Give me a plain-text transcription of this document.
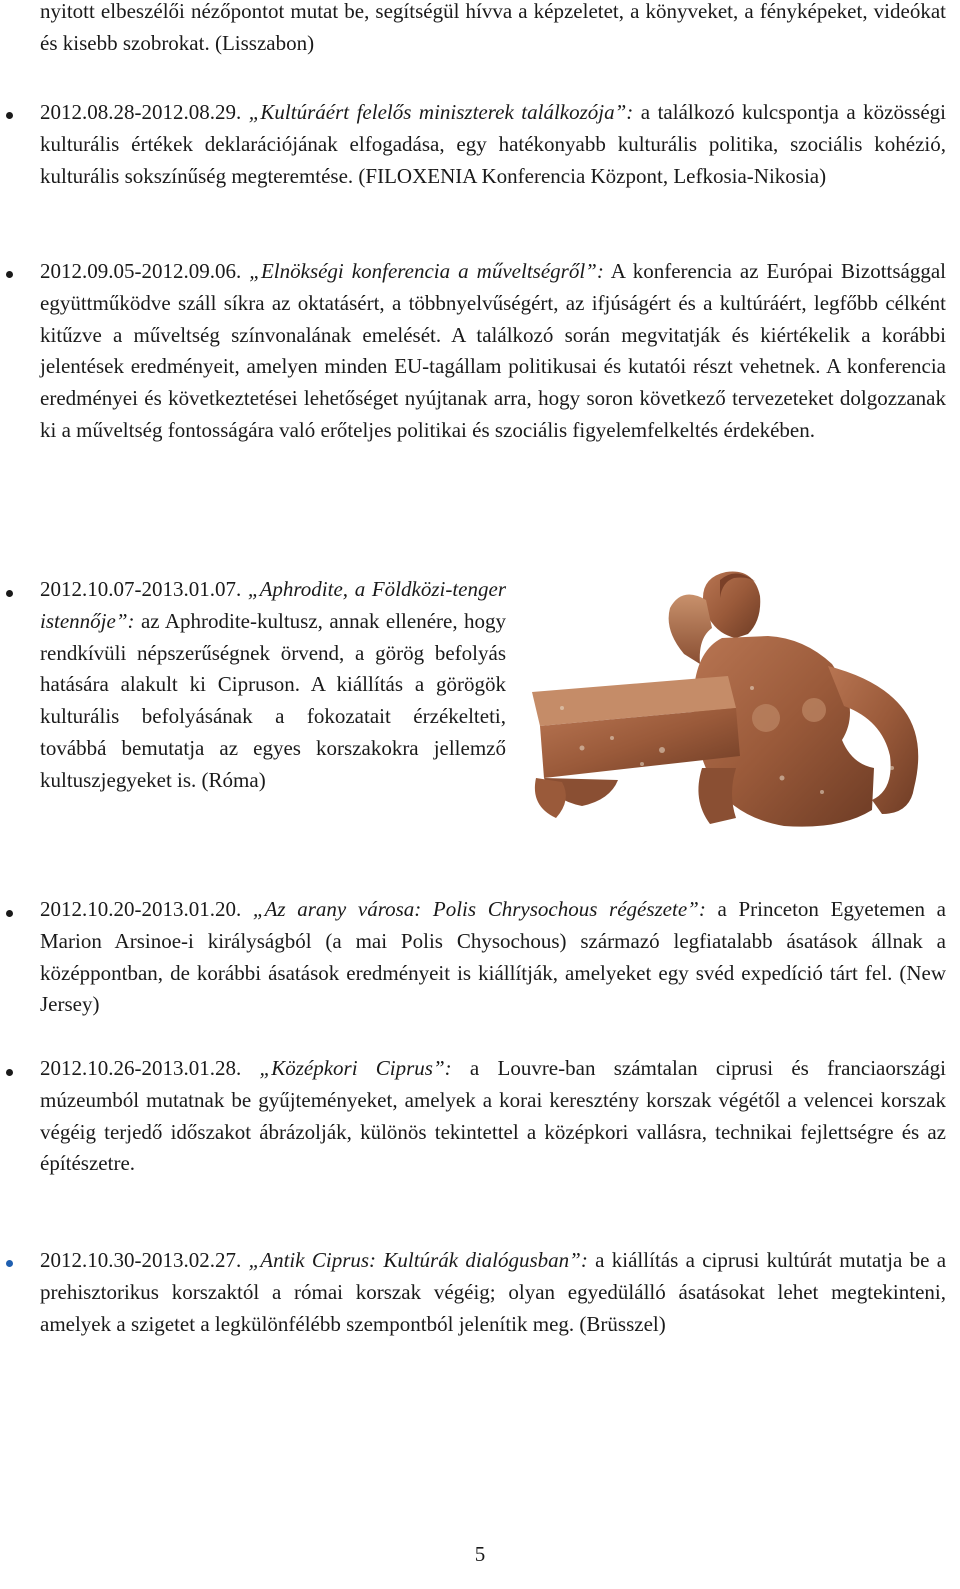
nyitott elbeszélői nézőpontot mutat be, segítségül hívva a képzeletet, a könyveket, a fényképeket, videókat és kisebb szobrokat. (Lisszabon)

2012.08.28-2012.08.29. „Kultúráért felelős miniszterek találkozója”: a találkozó kulcspontja a közösségi kulturális értékek deklarációjának elfogadása, egy hatékonyabb kulturális politika, szociális kohézió, kulturális sokszínűség megteremtése. (FILOXENIA Konferencia Központ, Lefkosia-Nikosia)

2012.09.05-2012.09.06. „Elnökségi konferencia a műveltségről”: A konferencia az Európai Bizottsággal együttműködve száll síkra az oktatásért, a többnyelvűségért, az ifjúságért és a kultúráért, legfőbb célként kitűzve a műveltség színvonalának emelését. A találkozó során megvitatják és kiértékelik a korábbi jelentések eredményeit, amelyen minden EU-tagállam politikusai és kutatói részt vehetnek. A konferencia eredményei és következtetései lehetőséget nyújtanak arra, hogy soron következő tervezeteket dolgozzanak ki a műveltség fontosságára való erőteljes politikai és szociális figyelemfelkeltés érdekében.

2012.10.07-2013.01.07. „Aphrodite, a Földközi-tenger istennője”: az Aphrodite-kultusz, annak ellenére, hogy rendkívüli népszerűségnek örvend, a görög befolyás hatására alakult ki Cipruson. A kiállítás a görögök kulturális befolyásának a fokozatait érzékelteti, továbbá bemutatja az egyes korszakokra jellemző kultuszjegyeket is. (Róma)

2012.10.20-2013.01.20. „Az arany városa: Polis Chrysochous régészete”: a Princeton Egyetemen a Marion Arsinoe-i királyságból (a mai Polis Chysochous) származó legfiatalabb ásatások állnak a középpontban, de korábbi ásatások eredményeit is kiállítják, amelyeket egy svéd expedíció tárt fel. (New Jersey)

2012.10.26-2013.01.28. „Középkori Ciprus”: a Louvre-ban számtalan ciprusi és franciaországi múzeumból mutatnak be gyűjteményeket, amelyek a korai keresztény korszak végétől a velencei korszak végéig terjedő időszakot ábrázolják, különös tekintettel a középkori vallásra, technikai fejlettségre és az építészetre.

2012.10.30-2013.02.27. „Antik Ciprus: Kultúrák dialógusban”: a kiállítás a ciprusi kultúrát mutatja be a prehisztorikus korszaktól a római korszak végéig; olyan egyedülálló ásatásokat lehet megtekinteni, amelyek a szigetet a legkülönfélébb szempontból jelenítik meg. (Brüsszel)

5
